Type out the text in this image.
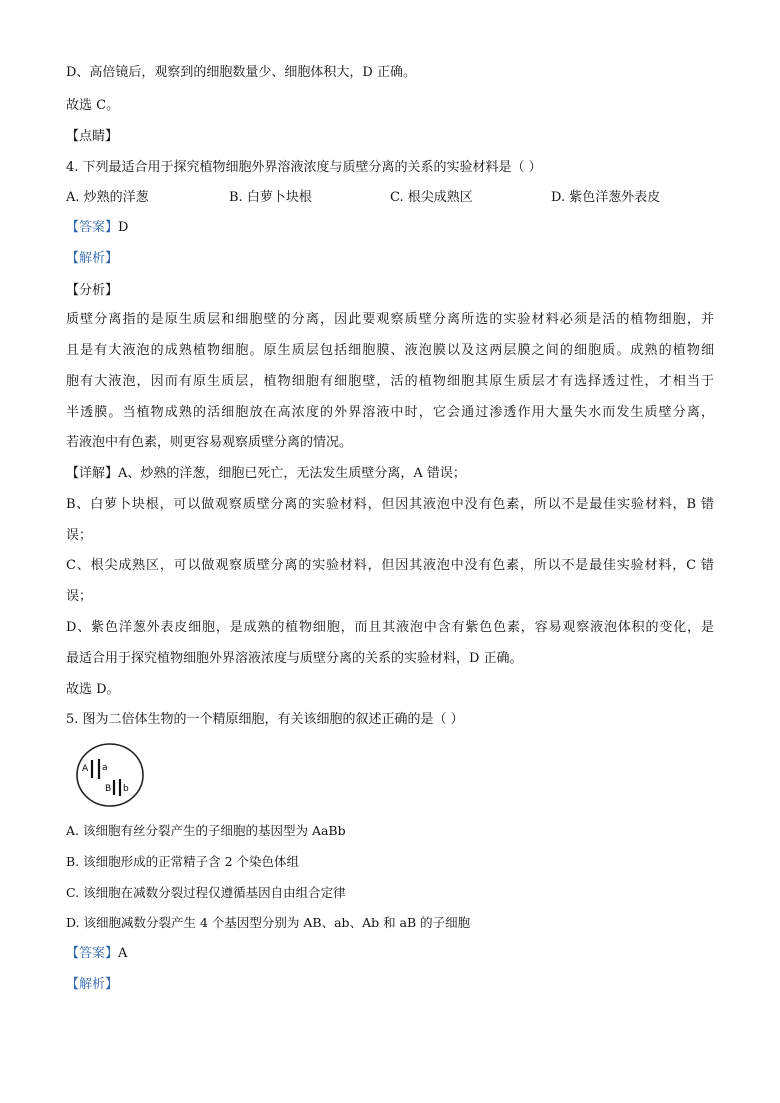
D、高倍镜后，观察到的细胞数量少、细胞体积大，D 正确。
故选 C。
【点睛】
4. 下列最适合用于探究植物细胞外界溶液浓度与质壁分离的关系的实验材料是（ ）
A. 炒熟的洋葱	B. 白萝卜块根	C. 根尖成熟区	D. 紫色洋葱外表皮
【答案】D
【解析】
【分析】
质壁分离指的是原生质层和细胞壁的分离，因此要观察质壁分离所选的实验材料必须是活的植物细胞，并
且是有大液泡的成熟植物细胞。原生质层包括细胞膜、液泡膜以及这两层膜之间的细胞质。成熟的植物细
胞有大液泡，因而有原生质层，植物细胞有细胞壁，活的植物细胞其原生质层才有选择透过性，才相当于
半透膜。当植物成熟的活细胞放在高浓度的外界溶液中时，它会通过渗透作用大量失水而发生质壁分离，
若液泡中有色素，则更容易观察质壁分离的情况。
【详解】A、炒熟的洋葱，细胞已死亡，无法发生质壁分离，A 错误；
B、白萝卜块根，可以做观察质壁分离的实验材料，但因其液泡中没有色素，所以不是最佳实验材料，B 错
误；
C、根尖成熟区，可以做观察质壁分离的实验材料，但因其液泡中没有色素，所以不是最佳实验材料，C 错
误；
D、紫色洋葱外表皮细胞，是成熟的植物细胞，而且其液泡中含有紫色色素，容易观察液泡体积的变化，是
最适合用于探究植物细胞外界溶液浓度与质壁分离的关系的实验材料，D 正确。
故选 D。
5. 图为二倍体生物的一个精原细胞，有关该细胞的叙述正确的是（ ）
A a
B b
A. 该细胞有丝分裂产生的子细胞的基因型为 AaBb
B. 该细胞形成的正常精子含 2 个染色体组
C. 该细胞在减数分裂过程仅遵循基因自由组合定律
D. 该细胞减数分裂产生 4 个基因型分别为 AB、ab、Ab 和 aB 的子细胞
【答案】A
【解析】
